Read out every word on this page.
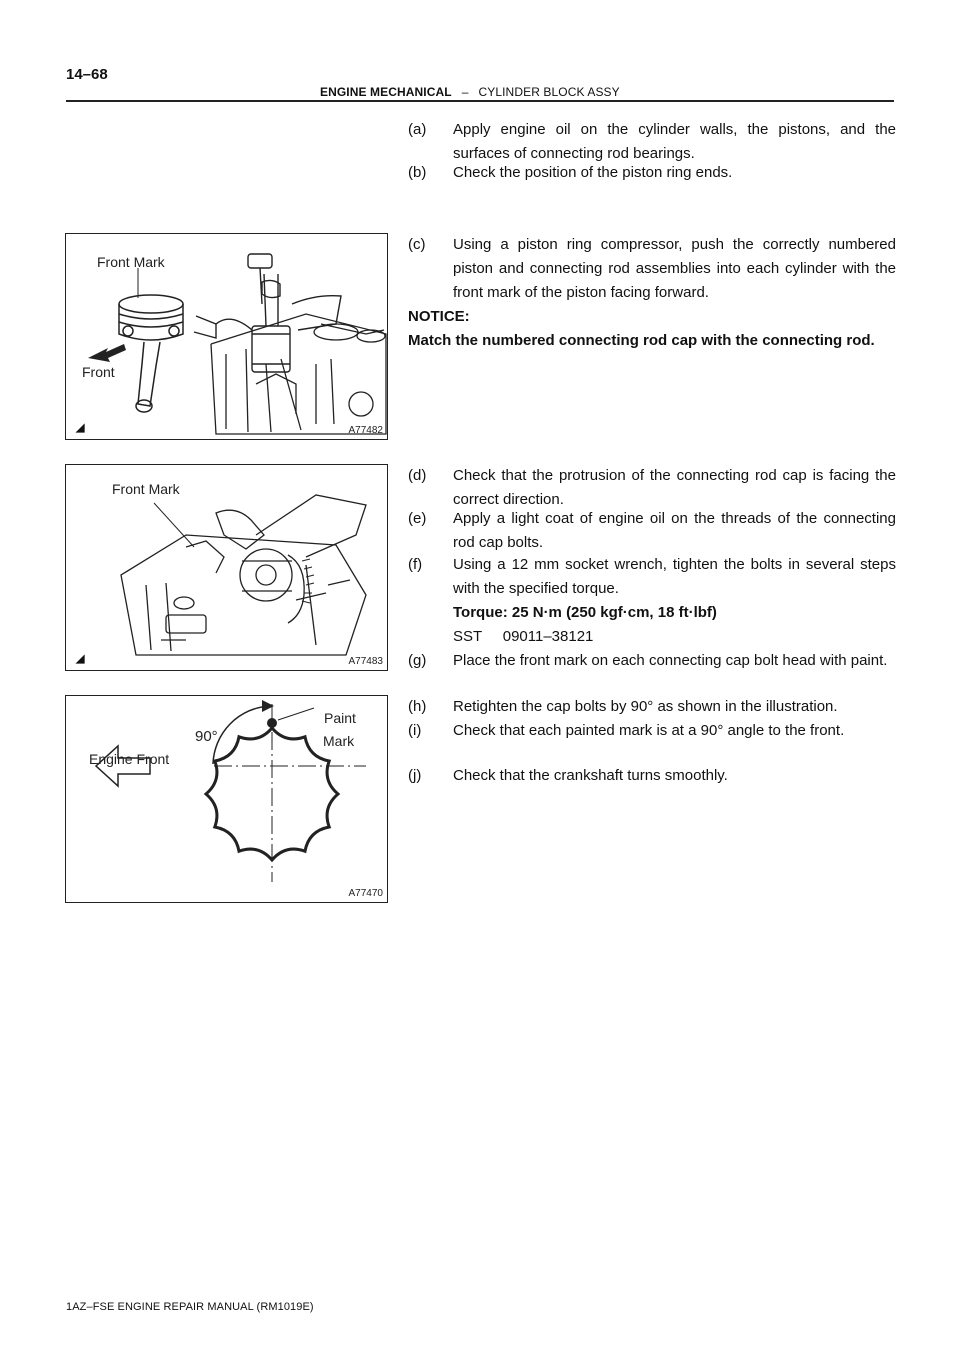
14–68
ENGINE MECHANICAL – CYLINDER BLOCK ASSY
Front Mark
Front
◢	A77482
Front Mark
◢	A77483
90°
Paint
Mark
Engine Front
A77470
(a) Apply engine oil on the cylinder walls, the pistons, and the surfaces of connecting rod bearings.
(b) Check the position of the piston ring ends.
(c) Using a piston ring compressor, push the correctly numbered piston and connecting rod assemblies into each cylinder with the front mark of the piston facing forward.
NOTICE:
Match the numbered connecting rod cap with the connecting rod.
(d) Check that the protrusion of the connecting rod cap is facing the correct direction.
(e) Apply a light coat of engine oil on the threads of the connecting rod cap bolts.
(f) Using a 12 mm socket wrench, tighten the bolts in several steps with the specified torque.
Torque: 25 N·m (250 kgf·cm, 18 ft·lbf)
SST     09011–38121
(g) Place the front mark on each connecting cap bolt head with paint.
(h) Retighten the cap bolts by 90° as shown in the illustration.
(i) Check that each painted mark is at a 90° angle to the front.
(j) Check that the crankshaft turns smoothly.
1AZ–FSE ENGINE REPAIR MANUAL (RM1019E)
